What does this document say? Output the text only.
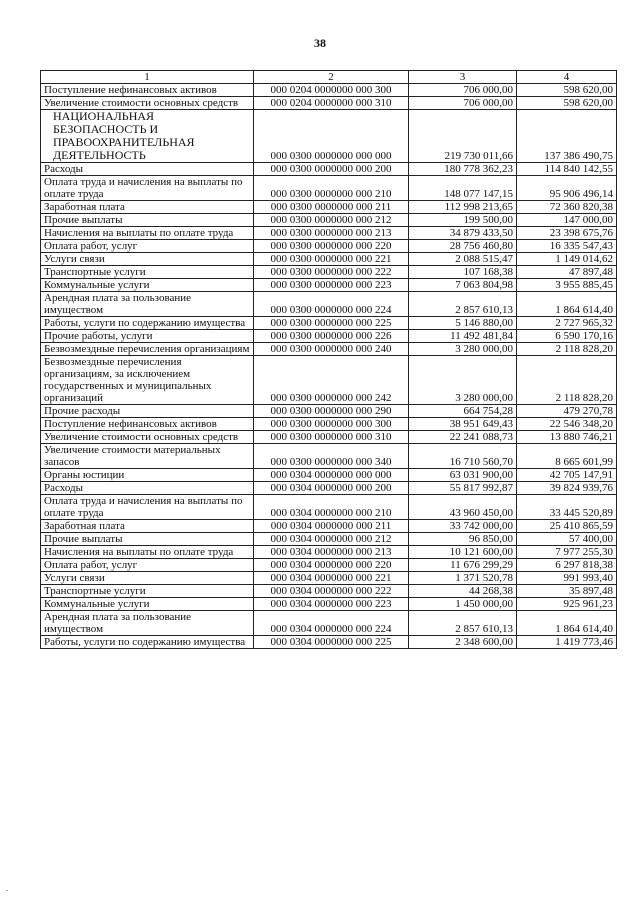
38
1	2	3	4
Поступление нефинансовых активов	000 0204 0000000 000 300	706 000,00	598 620,00
Увеличение стоимости основных средств	000 0204 0000000 000 310	706 000,00	598 620,00
НАЦИОНАЛЬНАЯ БЕЗОПАСНОСТЬ И ПРАВООХРАНИТЕЛЬНАЯ ДЕЯТЕЛЬНОСТЬ	000 0300 0000000 000 000	219 730 011,66	137 386 490,75
Расходы	000 0300 0000000 000 200	180 778 362,23	114 840 142,55
Оплата труда и начисления на выплаты по оплате труда	000 0300 0000000 000 210	148 077 147,15	95 906 496,14
Заработная плата	000 0300 0000000 000 211	112 998 213,65	72 360 820,38
Прочие выплаты	000 0300 0000000 000 212	199 500,00	147 000,00
Начисления на выплаты по оплате труда	000 0300 0000000 000 213	34 879 433,50	23 398 675,76
Оплата работ, услуг	000 0300 0000000 000 220	28 756 460,80	16 335 547,43
Услуги связи	000 0300 0000000 000 221	2 088 515,47	1 149 014,62
Транспортные услуги	000 0300 0000000 000 222	107 168,38	47 897,48
Коммунальные услуги	000 0300 0000000 000 223	7 063 804,98	3 955 885,45
Арендная плата за пользование имуществом	000 0300 0000000 000 224	2 857 610,13	1 864 614,40
Работы, услуги по содержанию имущества	000 0300 0000000 000 225	5 146 880,00	2 727 965,32
Прочие работы, услуги	000 0300 0000000 000 226	11 492 481,84	6 590 170,16
Безвозмездные перечисления организациям	000 0300 0000000 000 240	3 280 000,00	2 118 828,20
Безвозмездные перечисления организациям, за исключением государственных и муниципальных организаций	000 0300 0000000 000 242	3 280 000,00	2 118 828,20
Прочие расходы	000 0300 0000000 000 290	664 754,28	479 270,78
Поступление нефинансовых активов	000 0300 0000000 000 300	38 951 649,43	22 546 348,20
Увеличение стоимости основных средств	000 0300 0000000 000 310	22 241 088,73	13 880 746,21
Увеличение стоимости материальных запасов	000 0300 0000000 000 340	16 710 560,70	8 665 601,99
Органы юстиции	000 0304 0000000 000 000	63 031 900,00	42 705 147,91
Расходы	000 0304 0000000 000 200	55 817 992,87	39 824 939,76
Оплата труда и начисления на выплаты по оплате труда	000 0304 0000000 000 210	43 960 450,00	33 445 520,89
Заработная плата	000 0304 0000000 000 211	33 742 000,00	25 410 865,59
Прочие выплаты	000 0304 0000000 000 212	96 850,00	57 400,00
Начисления на выплаты по оплате труда	000 0304 0000000 000 213	10 121 600,00	7 977 255,30
Оплата работ, услуг	000 0304 0000000 000 220	11 676 299,29	6 297 818,38
Услуги связи	000 0304 0000000 000 221	1 371 520,78	991 993,40
Транспортные услуги	000 0304 0000000 000 222	44 268,38	35 897,48
Коммунальные услуги	000 0304 0000000 000 223	1 450 000,00	925 961,23
Арендная плата за пользование имуществом	000 0304 0000000 000 224	2 857 610,13	1 864 614,40
Работы, услуги по содержанию имущества	000 0304 0000000 000 225	2 348 600,00	1 419 773,46
.
